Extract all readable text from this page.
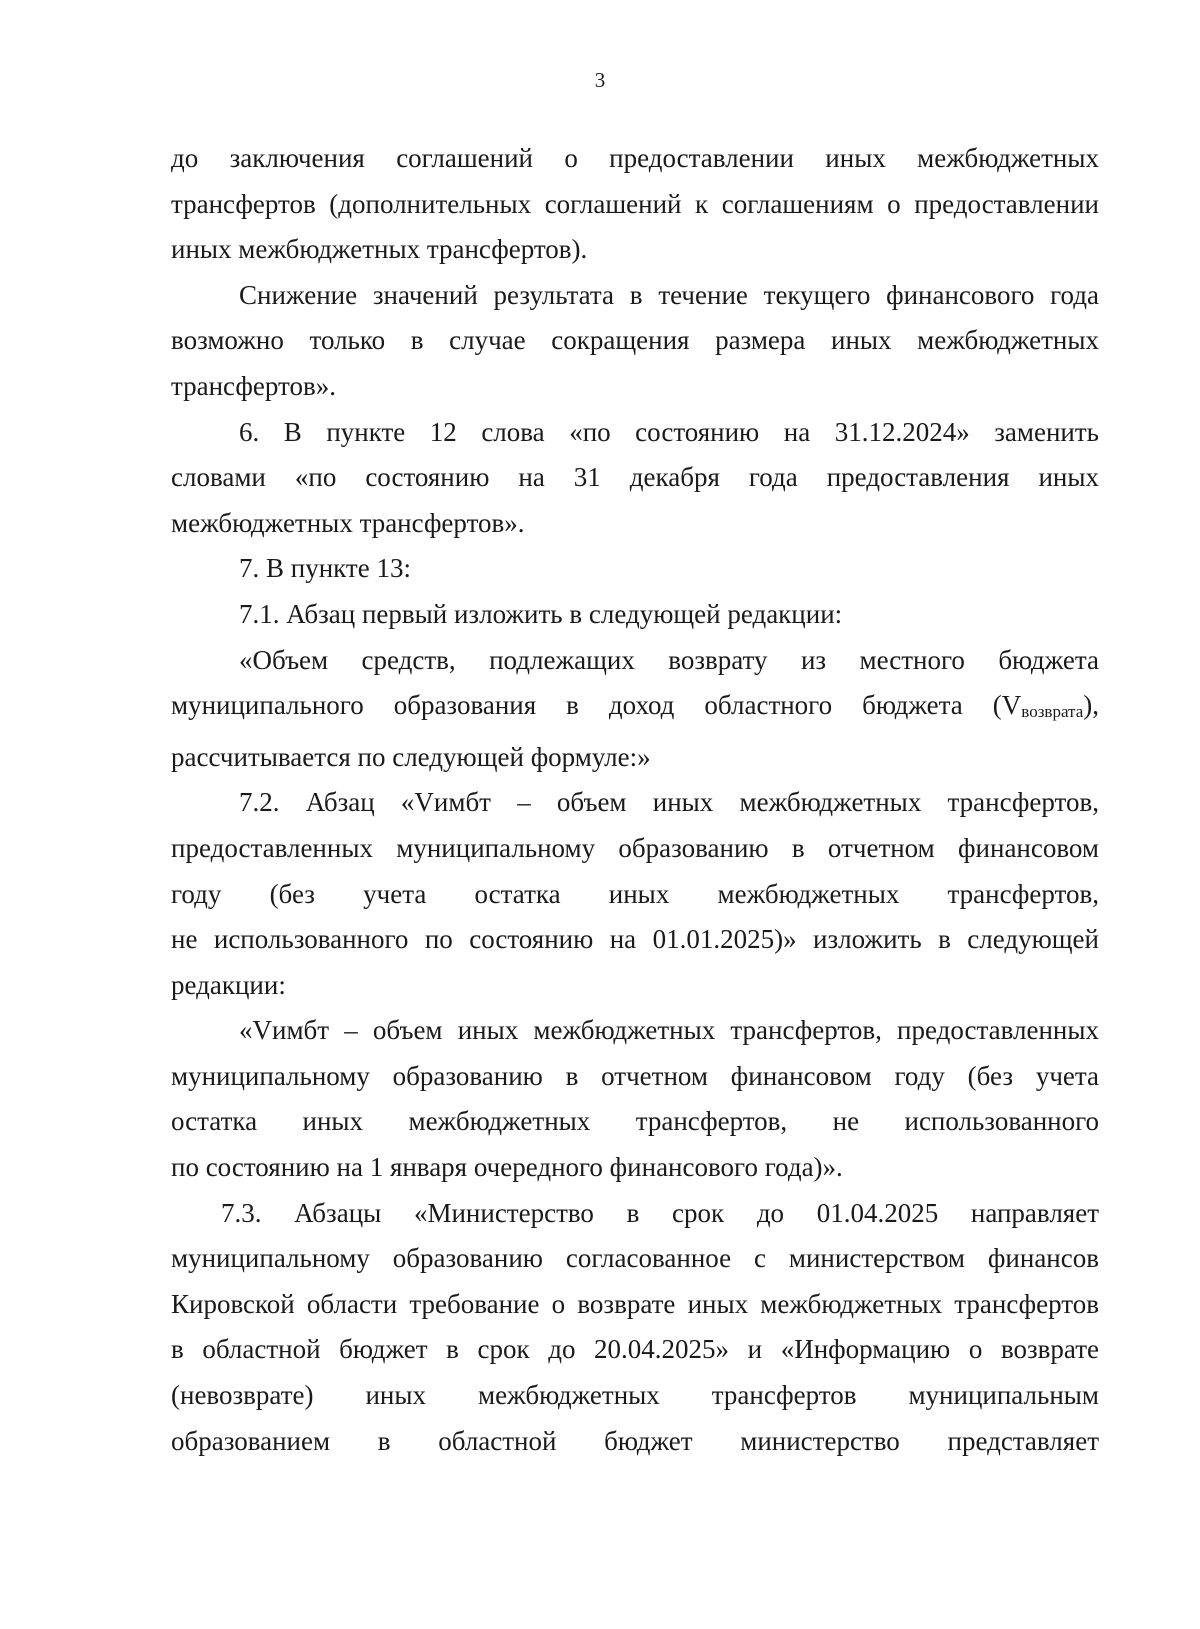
3
до заключения соглашений о предоставлении иных межбюджетных
трансфертов (дополнительных соглашений к соглашениям о предоставлении
иных межбюджетных трансфертов).
Снижение значений результата в течение текущего финансового года
возможно только в случае сокращения размера иных межбюджетных
трансфертов».
6. В пункте 12 слова «по состоянию на 31.12.2024» заменить
словами «по состоянию на 31 декабря года предоставления иных
межбюджетных трансфертов».
7. В пункте 13:
7.1. Абзац первый изложить в следующей редакции:
«Объем средств, подлежащих возврату из местного бюджета
муниципального образования в доход областного бюджета (Vвозврата),
рассчитывается по следующей формуле:»
7.2. Абзац «Vимбт – объем иных межбюджетных трансфертов,
предоставленных муниципальному образованию в отчетном финансовом
году (без учета остатка иных межбюджетных трансфертов,
не использованного по состоянию на 01.01.2025)» изложить в следующей
редакции:
«Vимбт – объем иных межбюджетных трансфертов, предоставленных
муниципальному образованию в отчетном финансовом году (без учета
остатка иных межбюджетных трансфертов, не использованного
по состоянию на 1 января очередного финансового года)».
7.3. Абзацы «Министерство в срок до 01.04.2025 направляет
муниципальному образованию согласованное с министерством финансов
Кировской области требование о возврате иных межбюджетных трансфертов
в областной бюджет в срок до 20.04.2025» и «Информацию о возврате
(невозврате) иных межбюджетных трансфертов муниципальным
образованием в областной бюджет министерство представляет
